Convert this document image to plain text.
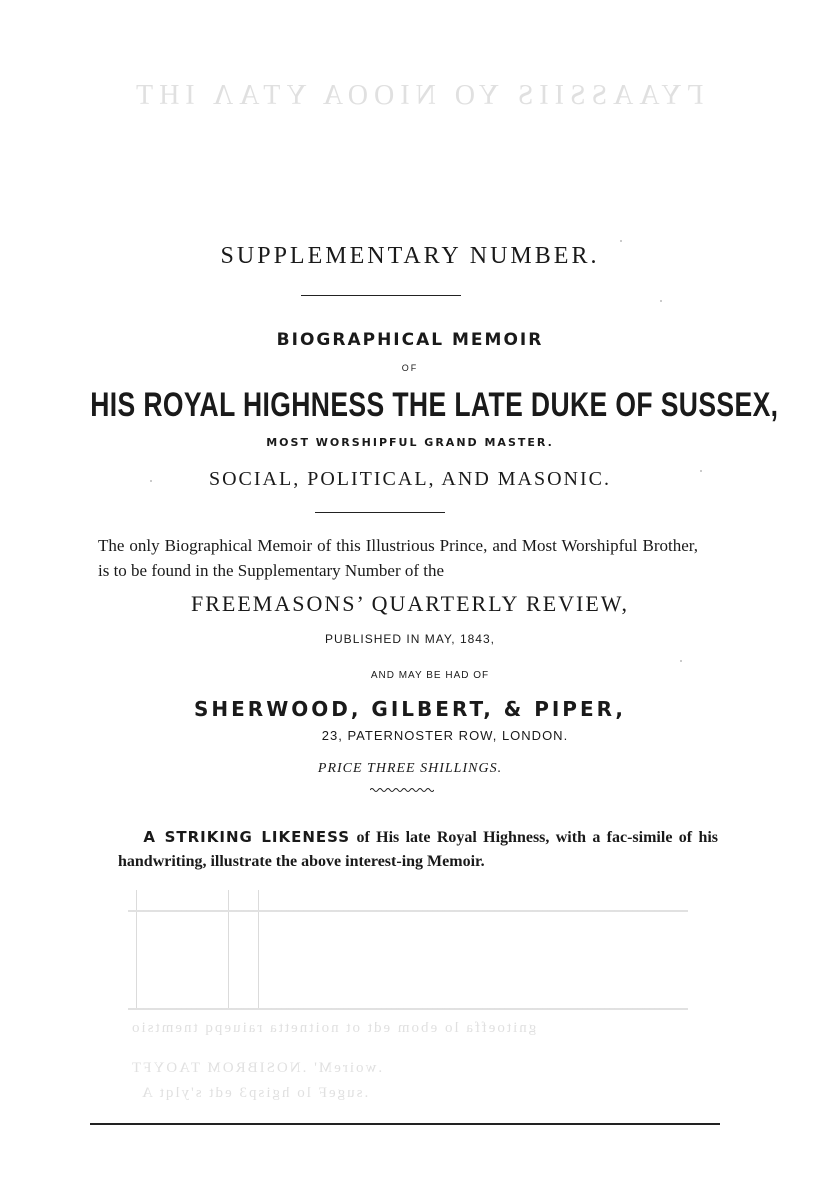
ΓΥΑΑSSΙΙS ΥΟ ΝΙΟΟΑ ΥΤΑΛ ΙΗΤ
gnitoeffa lo ebom edt ot noitnetta raiuepq tnemtsio
.woireM' .NOSIBROM TAOYFT
.sugeF lo hgisp3 edt s'ylqt A
SUPPLEMENTARY NUMBER.
BIOGRAPHICAL MEMOIR
OF
HIS ROYAL HIGHNESS THE LATE DUKE OF SUSSEX,
MOST WORSHIPFUL GRAND MASTER.
SOCIAL, POLITICAL, AND MASONIC.
The only Biographical Memoir of this Illustrious Prince, and Most Worshipful Brother, is to be found in the Supplementary Number of the
FREEMASONS’ QUARTERLY REVIEW,
PUBLISHED IN MAY, 1843,
AND MAY BE HAD OF
SHERWOOD, GILBERT, & PIPER,
23, PATERNOSTER ROW, LONDON.
PRICE THREE SHILLINGS.
A STRIKING LIKENESS of His late Royal Highness, with a fac-simile of his handwriting, illustrate the above interest-ing Memoir.
